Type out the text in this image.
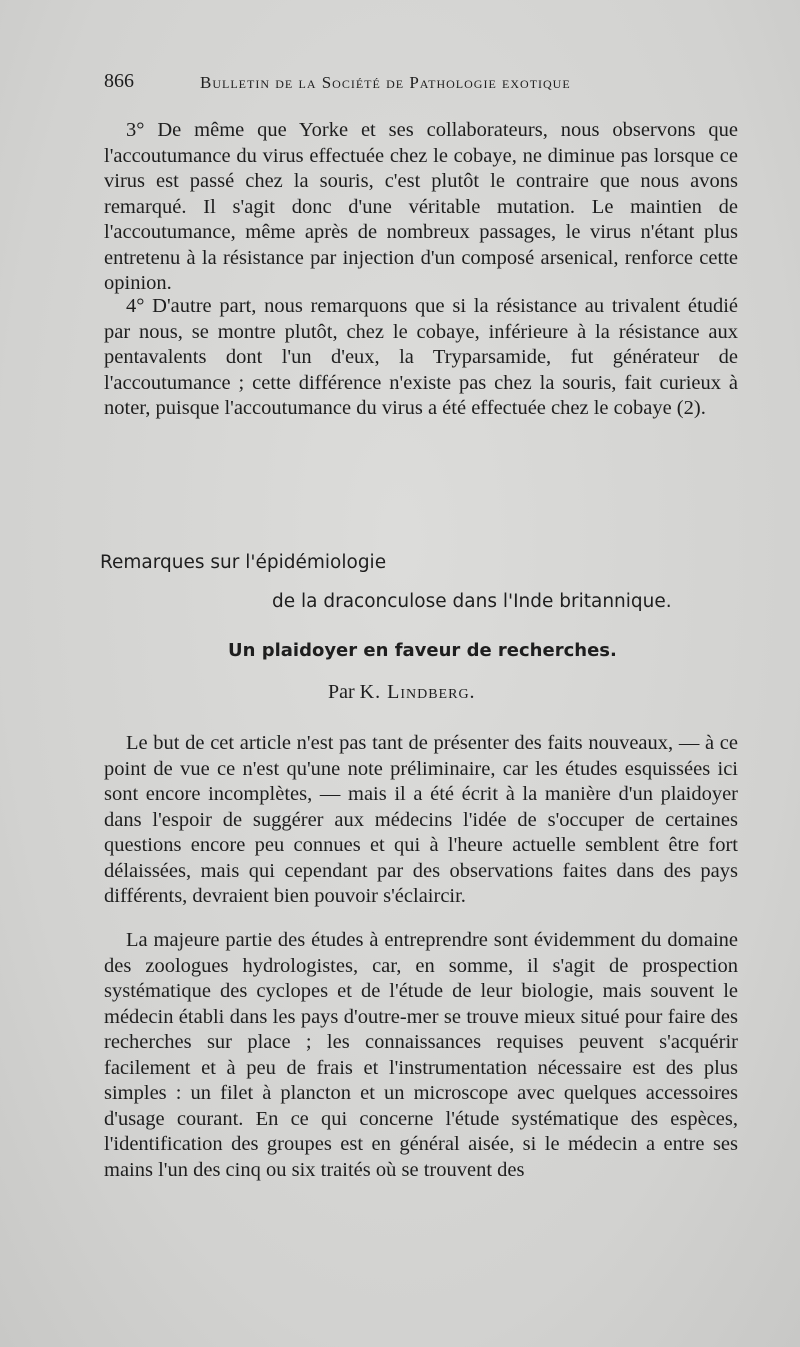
866	Bulletin de la Société de Pathologie exotique

3° De même que Yorke et ses collaborateurs, nous observons que l'accoutumance du virus effectuée chez le cobaye, ne diminue pas lorsque ce virus est passé chez la souris, c'est plutôt le contraire que nous avons remarqué. Il s'agit donc d'une véritable mutation. Le maintien de l'accoutumance, même après de nombreux passages, le virus n'étant plus entretenu à la résistance par injection d'un composé arsenical, renforce cette opinion.

4° D'autre part, nous remarquons que si la résistance au trivalent étudié par nous, se montre plutôt, chez le cobaye, inférieure à la résistance aux pentavalents dont l'un d'eux, la Tryparsamide, fut générateur de l'accoutumance ; cette différence n'existe pas chez la souris, fait curieux à noter, puisque l'accoutumance du virus a été effectuée chez le cobaye (2).

Remarques sur l'épidémiologie
de la draconculose dans l'Inde britannique.
Un plaidoyer en faveur de recherches.
Par K. Lindberg.

Le but de cet article n'est pas tant de présenter des faits nouveaux, — à ce point de vue ce n'est qu'une note préliminaire, car les études esquissées ici sont encore incomplètes, — mais il a été écrit à la manière d'un plaidoyer dans l'espoir de suggérer aux médecins l'idée de s'occuper de certaines questions encore peu connues et qui à l'heure actuelle semblent être fort délaissées, mais qui cependant par des observations faites dans des pays différents, devraient bien pouvoir s'éclaircir.

La majeure partie des études à entreprendre sont évidemment du domaine des zoologues hydrologistes, car, en somme, il s'agit de prospection systématique des cyclopes et de l'étude de leur biologie, mais souvent le médecin établi dans les pays d'outre-mer se trouve mieux situé pour faire des recherches sur place ; les connaissances requises peuvent s'acquérir facilement et à peu de frais et l'instrumentation nécessaire est des plus simples : un filet à plancton et un microscope avec quelques accessoires d'usage courant. En ce qui concerne l'étude systématique des espèces, l'identification des groupes est en général aisée, si le médecin a entre ses mains l'un des cinq ou six traités où se trouvent des
